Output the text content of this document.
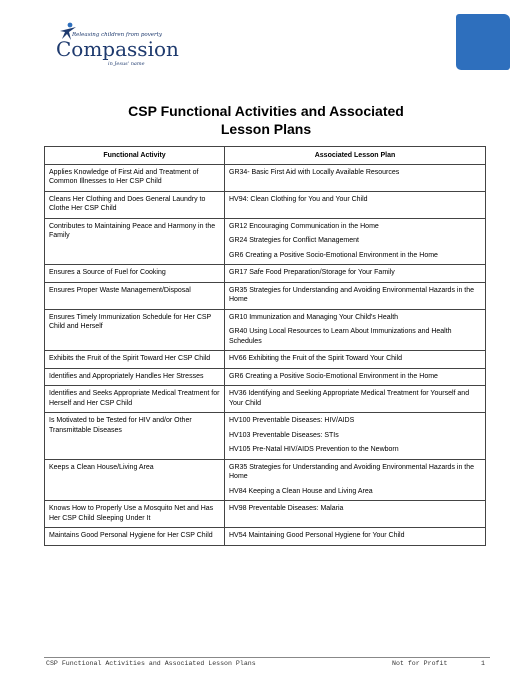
Releasing children from poverty
Compassion
in Jesus' name
CSP Functional Activities and Associated
Lesson Plans
Functional Activity	Associated Lesson Plan
Applies Knowledge of First Aid and Treatment of Common Illnesses to Her CSP Child	GR34- Basic First Aid with Locally Available Resources

Cleans Her Clothing and Does General Laundry to Clothe Her CSP Child	HV94: Clean Clothing for You and Your Child

Contributes to Maintaining Peace and Harmony in the Family	GR12 Encouraging Communication in the Home
GR24 Strategies for Conflict Management
GR6 Creating a Positive Socio-Emotional Environment in the Home

Ensures a Source of Fuel for Cooking	GR17 Safe Food Preparation/Storage for Your Family

Ensures Proper Waste Management/Disposal	GR35 Strategies for Understanding and Avoiding Environmental Hazards in the Home

Ensures Timely Immunization Schedule for Her CSP Child and Herself	GR10 Immunization and Managing Your Child's Health
GR40 Using Local Resources to Learn About Immunizations and Health Schedules

Exhibits the Fruit of the Spirit Toward Her CSP Child	HV66 Exhibiting the Fruit of the Spirit Toward Your Child

Identifies and Appropriately Handles Her Stresses	GR6 Creating a Positive Socio-Emotional Environment in the Home

Identifies and Seeks Appropriate Medical Treatment for Herself and Her CSP Child	HV36 Identifying and Seeking Appropriate Medical Treatment for Yourself and Your Child

Is Motivated to be Tested for HIV and/or Other Transmittable Diseases	HV100 Preventable Diseases: HIV/AIDS
HV103 Preventable Diseases: STIs
HV105 Pre-Natal HIV/AIDS Prevention to the Newborn

Keeps a Clean House/Living Area	GR35 Strategies for Understanding and Avoiding Environmental Hazards in the Home
HV84 Keeping a Clean House and Living Area

Knows How to Properly Use a Mosquito Net and Has Her CSP Child Sleeping Under It	HV98 Preventable Diseases: Malaria

Maintains Good Personal Hygiene for Her CSP Child	HV54 Maintaining Good Personal Hygiene for Your Child
CSP Functional Activities and Associated Lesson Plans	Not for Profit	1
